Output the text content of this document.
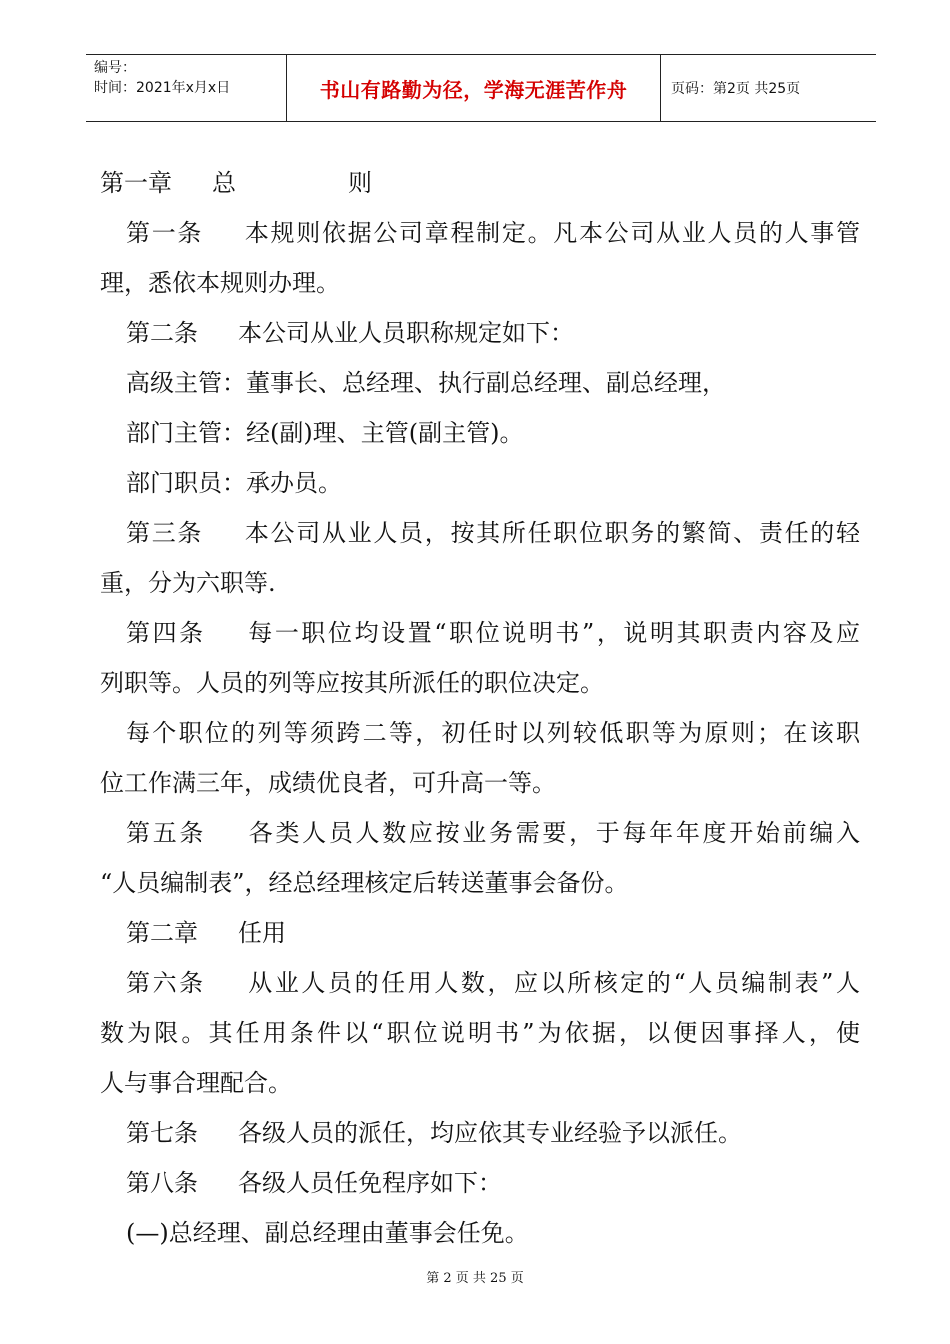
编号：
时间：2021年x月x日	书山有路勤为径，学海无涯苦作舟	页码：第2页 共25页
第一章 总	则
第一条 本规则依据公司章程制定。凡本公司从业人员的人事管
理，悉依本规则办理。
第二条 本公司从业人员职称规定如下：
高级主管：董事长、总经理、执行副总经理、副总经理，
部门主管：经(副)理、主管(副主管)。
部门职员：承办员。
第三条 本公司从业人员，按其所任职位职务的繁简、责任的轻
重，分为六职等.
第四条 每一职位均设置“职位说明书”，说明其职责内容及应
列职等。人员的列等应按其所派任的职位决定。
每个职位的列等须跨二等，初任时以列较低职等为原则；在该职
位工作满三年，成绩优良者，可升高一等。
第五条 各类人员人数应按业务需要，于每年年度开始前编入
“人员编制表”，经总经理核定后转送董事会备份。
第二章 任用
第六条 从业人员的任用人数，应以所核定的“人员编制表”人
数为限。其任用条件以“职位说明书”为依据，以便因事择人，使
人与事合理配合。
第七条 各级人员的派任，均应依其专业经验予以派任。
第八条 各级人员任免程序如下：
(—)总经理、副总经理由董事会任免。
第 2 页 共 25 页
